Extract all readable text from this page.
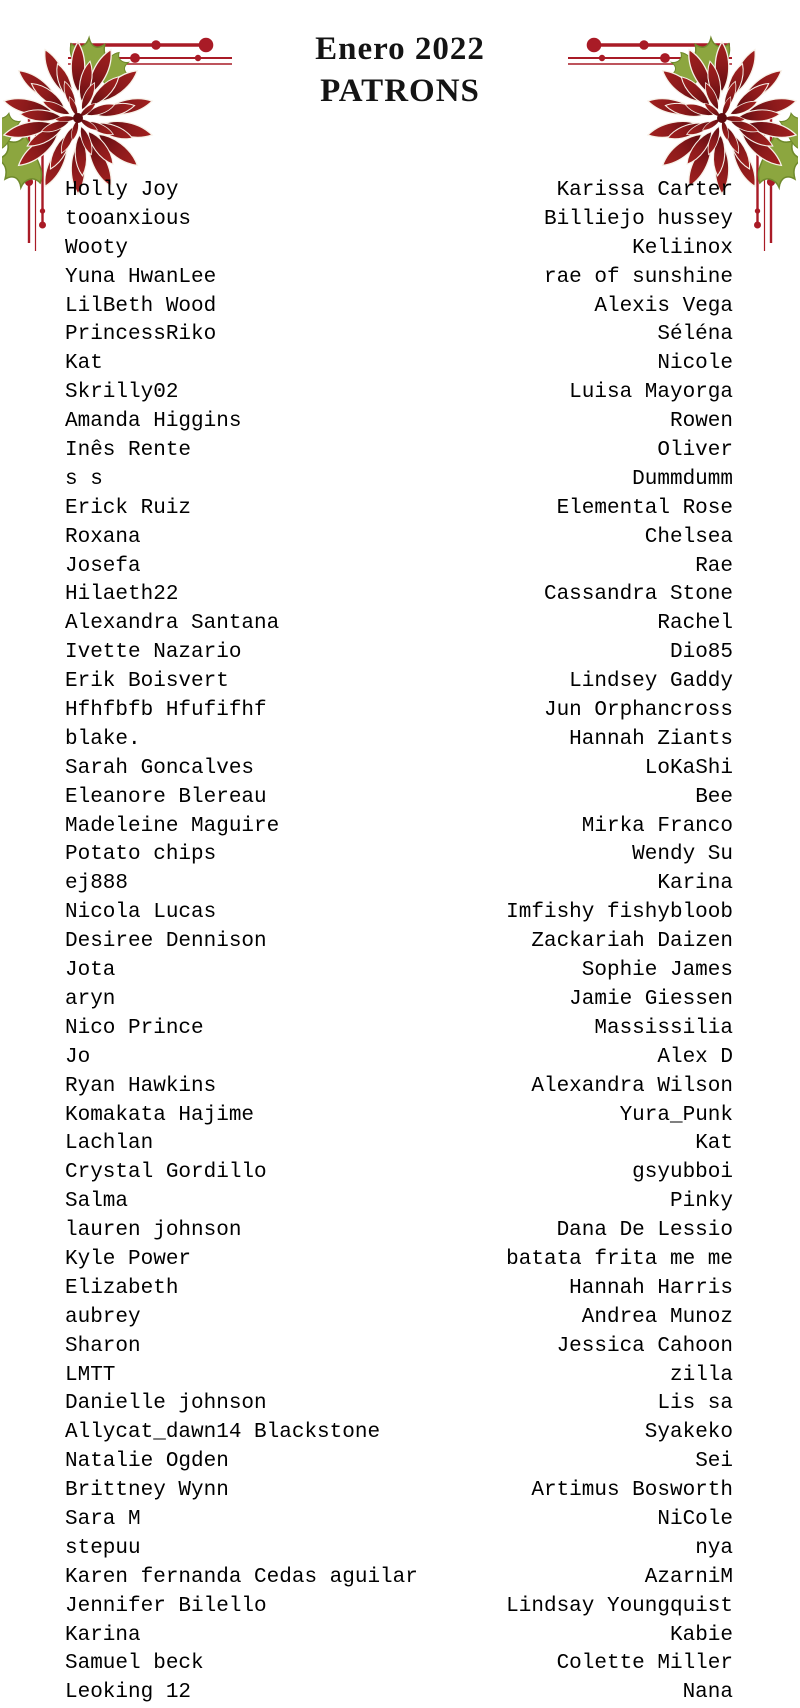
Enero 2022
PATRONS
Holly Joy
tooanxious
Wooty
Yuna HwanLee
LilBeth Wood
PrincessRiko
Kat
Skrilly02
Amanda Higgins
Inês Rente
s s
Erick Ruiz
Roxana
Josefa
Hilaeth22
Alexandra Santana
Ivette Nazario
Erik Boisvert
Hfhfbfb Hfufifhf
blake.
Sarah Goncalves
Eleanore Blereau
Madeleine Maguire
Potato chips
ej888
Nicola Lucas
Desiree Dennison
Jota
aryn
Nico Prince
Jo
Ryan Hawkins
Komakata Hajime
Lachlan
Crystal Gordillo
Salma
lauren johnson
Kyle Power
Elizabeth
aubrey
Sharon
LMTT
Danielle johnson
Allycat_dawn14 Blackstone
Natalie Ogden
Brittney Wynn
Sara M
stepuu
Karen fernanda Cedas aguilar
Jennifer Bilello
Karina
Samuel beck
Leoking 12
Karissa Carter
Billiejo hussey
Keliinox
rae of sunshine
Alexis Vega
Séléna
Nicole
Luisa Mayorga
Rowen
Oliver
Dummdumm
Elemental Rose
Chelsea
Rae
Cassandra Stone
Rachel
Dio85
Lindsey Gaddy
Jun Orphancross
Hannah Ziants
LoKaShi
Bee
Mirka Franco
Wendy Su
Karina
Imfishy fishybloob
Zackariah Daizen
Sophie James
Jamie Giessen
Massissilia
Alex D
Alexandra Wilson
Yura_Punk
Kat
gsyubboi
Pinky
Dana De Lessio
batata frita me me
Hannah Harris
Andrea Munoz
Jessica Cahoon
zilla
Lis sa
Syakeko
Sei
Artimus Bosworth
NiCole
nya
AzarniM
Lindsay Youngquist
Kabie
Colette Miller
Nana
